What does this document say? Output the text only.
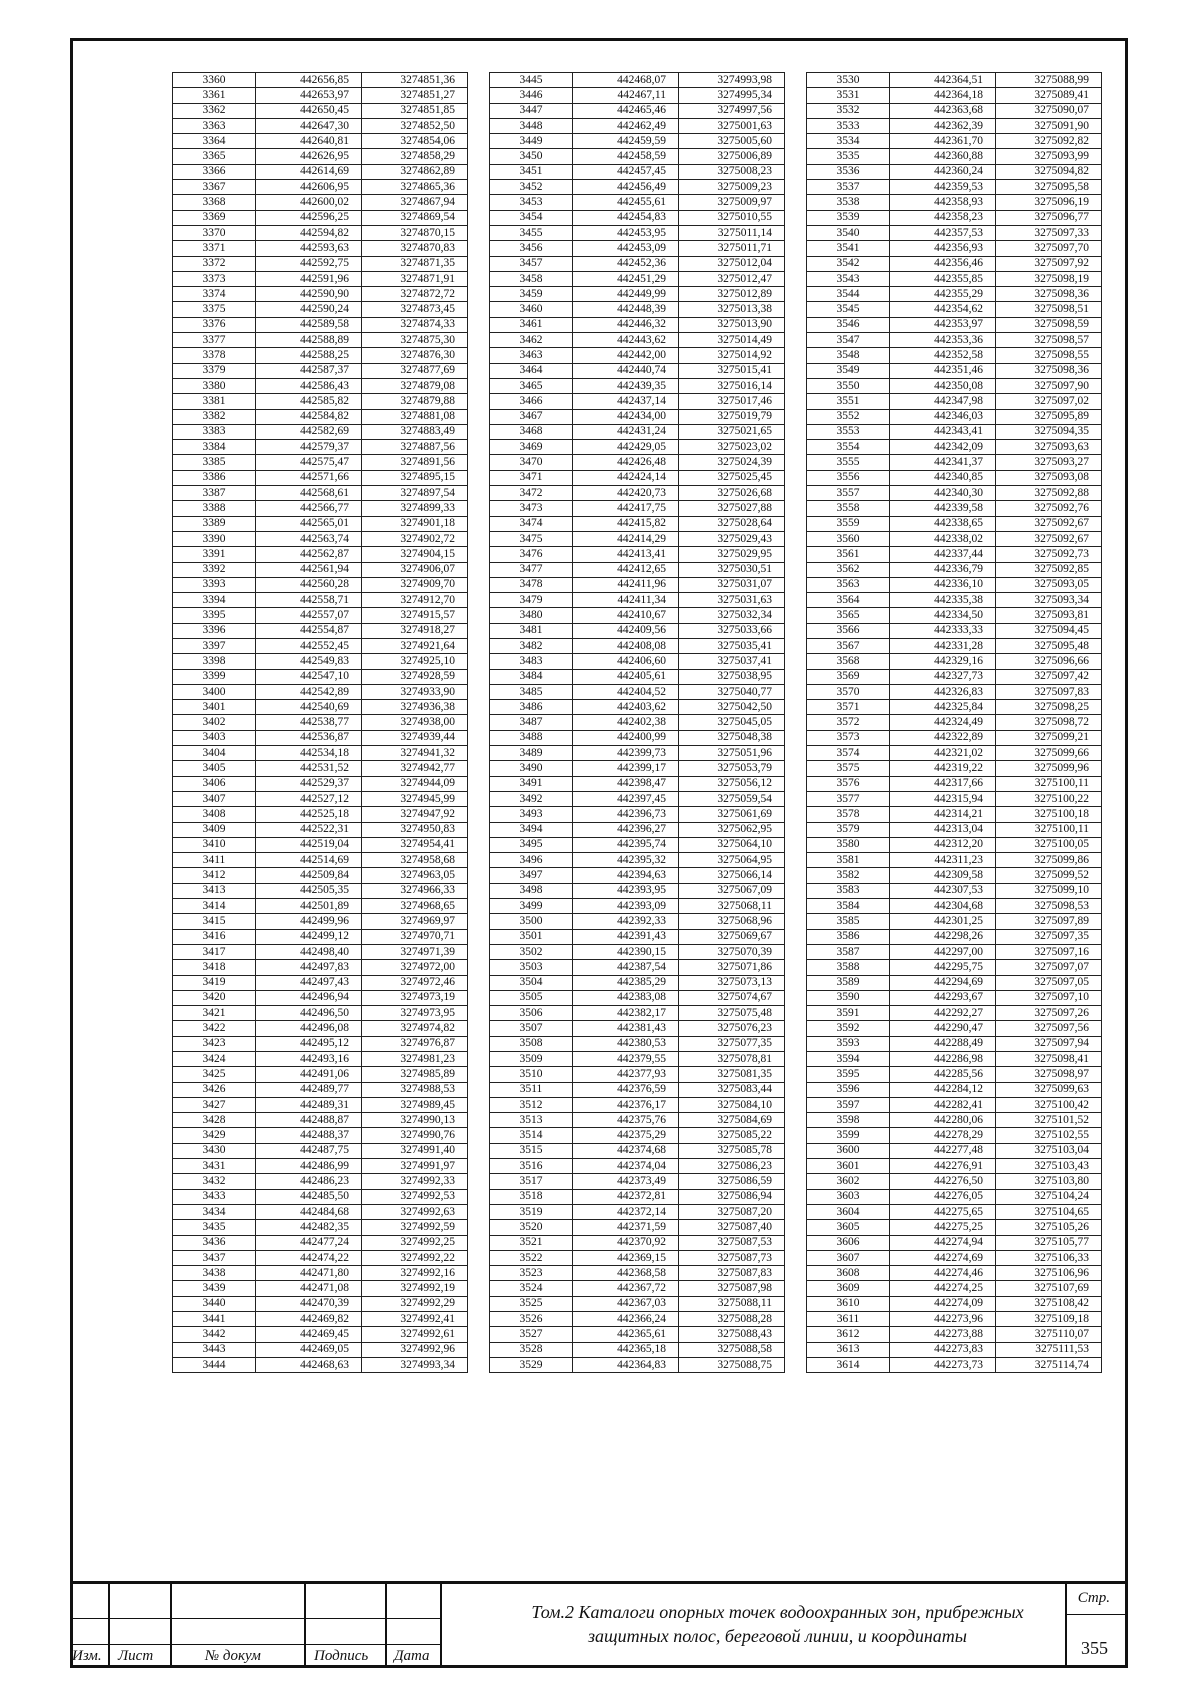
3360	442656,85	3274851,36
3361	442653,97	3274851,27
3362	442650,45	3274851,85
3363	442647,30	3274852,50
3364	442640,81	3274854,06
3365	442626,95	3274858,29
3366	442614,69	3274862,89
3367	442606,95	3274865,36
3368	442600,02	3274867,94
3369	442596,25	3274869,54
3370	442594,82	3274870,15
3371	442593,63	3274870,83
3372	442592,75	3274871,35
3373	442591,96	3274871,91
3374	442590,90	3274872,72
3375	442590,24	3274873,45
3376	442589,58	3274874,33
3377	442588,89	3274875,30
3378	442588,25	3274876,30
3379	442587,37	3274877,69
3380	442586,43	3274879,08
3381	442585,82	3274879,88
3382	442584,82	3274881,08
3383	442582,69	3274883,49
3384	442579,37	3274887,56
3385	442575,47	3274891,56
3386	442571,66	3274895,15
3387	442568,61	3274897,54
3388	442566,77	3274899,33
3389	442565,01	3274901,18
3390	442563,74	3274902,72
3391	442562,87	3274904,15
3392	442561,94	3274906,07
3393	442560,28	3274909,70
3394	442558,71	3274912,70
3395	442557,07	3274915,57
3396	442554,87	3274918,27
3397	442552,45	3274921,64
3398	442549,83	3274925,10
3399	442547,10	3274928,59
3400	442542,89	3274933,90
3401	442540,69	3274936,38
3402	442538,77	3274938,00
3403	442536,87	3274939,44
3404	442534,18	3274941,32
3405	442531,52	3274942,77
3406	442529,37	3274944,09
3407	442527,12	3274945,99
3408	442525,18	3274947,92
3409	442522,31	3274950,83
3410	442519,04	3274954,41
3411	442514,69	3274958,68
3412	442509,84	3274963,05
3413	442505,35	3274966,33
3414	442501,89	3274968,65
3415	442499,96	3274969,97
3416	442499,12	3274970,71
3417	442498,40	3274971,39
3418	442497,83	3274972,00
3419	442497,43	3274972,46
3420	442496,94	3274973,19
3421	442496,50	3274973,95
3422	442496,08	3274974,82
3423	442495,12	3274976,87
3424	442493,16	3274981,23
3425	442491,06	3274985,89
3426	442489,77	3274988,53
3427	442489,31	3274989,45
3428	442488,87	3274990,13
3429	442488,37	3274990,76
3430	442487,75	3274991,40
3431	442486,99	3274991,97
3432	442486,23	3274992,33
3433	442485,50	3274992,53
3434	442484,68	3274992,63
3435	442482,35	3274992,59
3436	442477,24	3274992,25
3437	442474,22	3274992,22
3438	442471,80	3274992,16
3439	442471,08	3274992,19
3440	442470,39	3274992,29
3441	442469,82	3274992,41
3442	442469,45	3274992,61
3443	442469,05	3274992,96
3444	442468,63	3274993,34
3445	442468,07	3274993,98
3446	442467,11	3274995,34
3447	442465,46	3274997,56
3448	442462,49	3275001,63
3449	442459,59	3275005,60
3450	442458,59	3275006,89
3451	442457,45	3275008,23
3452	442456,49	3275009,23
3453	442455,61	3275009,97
3454	442454,83	3275010,55
3455	442453,95	3275011,14
3456	442453,09	3275011,71
3457	442452,36	3275012,04
3458	442451,29	3275012,47
3459	442449,99	3275012,89
3460	442448,39	3275013,38
3461	442446,32	3275013,90
3462	442443,62	3275014,49
3463	442442,00	3275014,92
3464	442440,74	3275015,41
3465	442439,35	3275016,14
3466	442437,14	3275017,46
3467	442434,00	3275019,79
3468	442431,24	3275021,65
3469	442429,05	3275023,02
3470	442426,48	3275024,39
3471	442424,14	3275025,45
3472	442420,73	3275026,68
3473	442417,75	3275027,88
3474	442415,82	3275028,64
3475	442414,29	3275029,43
3476	442413,41	3275029,95
3477	442412,65	3275030,51
3478	442411,96	3275031,07
3479	442411,34	3275031,63
3480	442410,67	3275032,34
3481	442409,56	3275033,66
3482	442408,08	3275035,41
3483	442406,60	3275037,41
3484	442405,61	3275038,95
3485	442404,52	3275040,77
3486	442403,62	3275042,50
3487	442402,38	3275045,05
3488	442400,99	3275048,38
3489	442399,73	3275051,96
3490	442399,17	3275053,79
3491	442398,47	3275056,12
3492	442397,45	3275059,54
3493	442396,73	3275061,69
3494	442396,27	3275062,95
3495	442395,74	3275064,10
3496	442395,32	3275064,95
3497	442394,63	3275066,14
3498	442393,95	3275067,09
3499	442393,09	3275068,11
3500	442392,33	3275068,96
3501	442391,43	3275069,67
3502	442390,15	3275070,39
3503	442387,54	3275071,86
3504	442385,29	3275073,13
3505	442383,08	3275074,67
3506	442382,17	3275075,48
3507	442381,43	3275076,23
3508	442380,53	3275077,35
3509	442379,55	3275078,81
3510	442377,93	3275081,35
3511	442376,59	3275083,44
3512	442376,17	3275084,10
3513	442375,76	3275084,69
3514	442375,29	3275085,22
3515	442374,68	3275085,78
3516	442374,04	3275086,23
3517	442373,49	3275086,59
3518	442372,81	3275086,94
3519	442372,14	3275087,20
3520	442371,59	3275087,40
3521	442370,92	3275087,53
3522	442369,15	3275087,73
3523	442368,58	3275087,83
3524	442367,72	3275087,98
3525	442367,03	3275088,11
3526	442366,24	3275088,28
3527	442365,61	3275088,43
3528	442365,18	3275088,58
3529	442364,83	3275088,75
3530	442364,51	3275088,99
3531	442364,18	3275089,41
3532	442363,68	3275090,07
3533	442362,39	3275091,90
3534	442361,70	3275092,82
3535	442360,88	3275093,99
3536	442360,24	3275094,82
3537	442359,53	3275095,58
3538	442358,93	3275096,19
3539	442358,23	3275096,77
3540	442357,53	3275097,33
3541	442356,93	3275097,70
3542	442356,46	3275097,92
3543	442355,85	3275098,19
3544	442355,29	3275098,36
3545	442354,62	3275098,51
3546	442353,97	3275098,59
3547	442353,36	3275098,57
3548	442352,58	3275098,55
3549	442351,46	3275098,36
3550	442350,08	3275097,90
3551	442347,98	3275097,02
3552	442346,03	3275095,89
3553	442343,41	3275094,35
3554	442342,09	3275093,63
3555	442341,37	3275093,27
3556	442340,85	3275093,08
3557	442340,30	3275092,88
3558	442339,58	3275092,76
3559	442338,65	3275092,67
3560	442338,02	3275092,67
3561	442337,44	3275092,73
3562	442336,79	3275092,85
3563	442336,10	3275093,05
3564	442335,38	3275093,34
3565	442334,50	3275093,81
3566	442333,33	3275094,45
3567	442331,28	3275095,48
3568	442329,16	3275096,66
3569	442327,73	3275097,42
3570	442326,83	3275097,83
3571	442325,84	3275098,25
3572	442324,49	3275098,72
3573	442322,89	3275099,21
3574	442321,02	3275099,66
3575	442319,22	3275099,96
3576	442317,66	3275100,11
3577	442315,94	3275100,22
3578	442314,21	3275100,18
3579	442313,04	3275100,11
3580	442312,20	3275100,05
3581	442311,23	3275099,86
3582	442309,58	3275099,52
3583	442307,53	3275099,10
3584	442304,68	3275098,53
3585	442301,25	3275097,89
3586	442298,26	3275097,35
3587	442297,00	3275097,16
3588	442295,75	3275097,07
3589	442294,69	3275097,05
3590	442293,67	3275097,10
3591	442292,27	3275097,26
3592	442290,47	3275097,56
3593	442288,49	3275097,94
3594	442286,98	3275098,41
3595	442285,56	3275098,97
3596	442284,12	3275099,63
3597	442282,41	3275100,42
3598	442280,06	3275101,52
3599	442278,29	3275102,55
3600	442277,48	3275103,04
3601	442276,91	3275103,43
3602	442276,50	3275103,80
3603	442276,05	3275104,24
3604	442275,65	3275104,65
3605	442275,25	3275105,26
3606	442274,94	3275105,77
3607	442274,69	3275106,33
3608	442274,46	3275106,96
3609	442274,25	3275107,69
3610	442274,09	3275108,42
3611	442273,96	3275109,18
3612	442273,88	3275110,07
3613	442273,83	3275111,53
3614	442273,73	3275114,74
Изм. Лист	№ докум	Подпись Дата
Том.2 Каталоги опорных точек водоохранных зон, прибрежных
защитных полос, береговой линии, и координаты
Стр.
355
